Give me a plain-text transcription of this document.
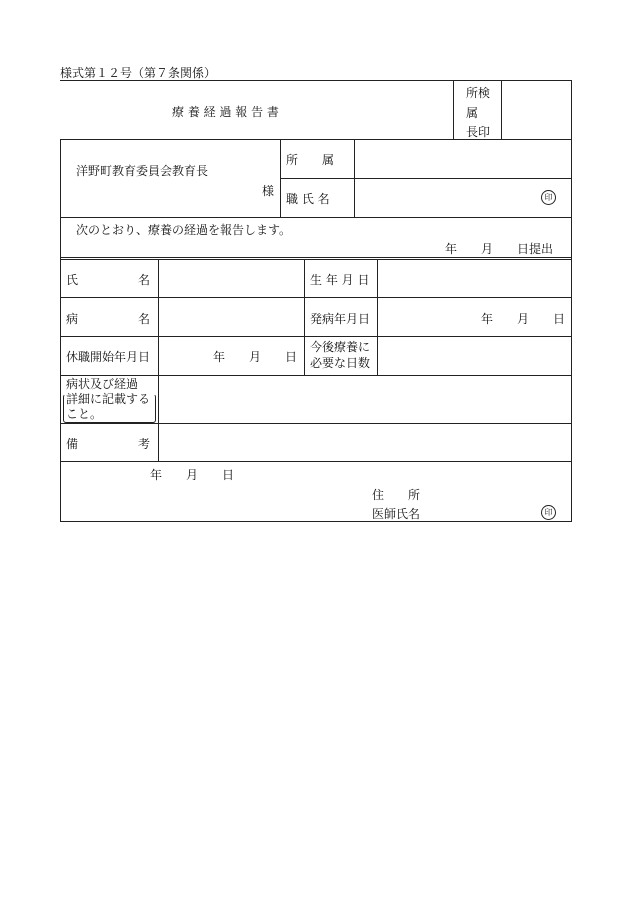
様式第１２号（第７条関係）
療 養 経 過 報 告 書
所検
属
長印
洋野町教育委員会教育長
様
所　　属
職 氏 名	印
次のとおり、療養の経過を報告します。
年　　月　　日提出
氏　　　　　名	生 年 月 日
病　　　　　名	発病年月日	年　　月　　日
休職開始年月日	年　　月　　日
今後療養に
必要な日数
病状及び経過
詳細に記載する
こと。
備　　　　　考
年　　月　　日
住　　所
医師氏名	印
